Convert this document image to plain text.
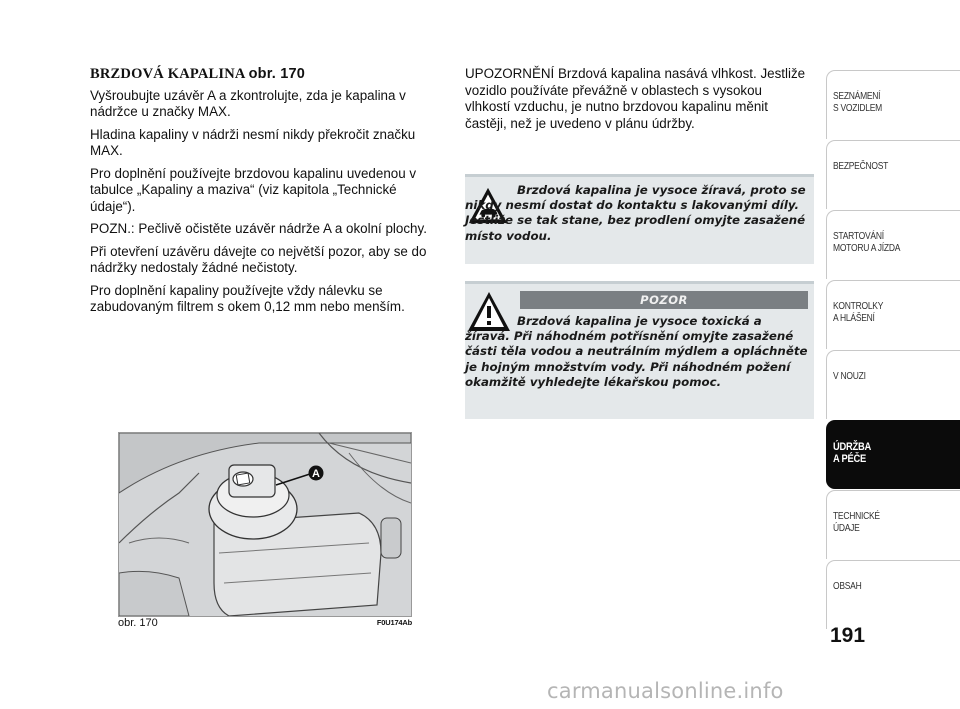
BRZDOVÁ KAPALINA obr. 170

Vyšroubujte uzávěr A a zkontrolujte, zda je kapalina v nádržce u značky MAX.

Hladina kapaliny v nádrži nesmí nikdy překročit značku MAX.

Pro doplnění používejte brzdovou kapalinu uvedenou v tabulce „Kapaliny a maziva“ (viz kapitola „Technické údaje“).

POZN.: Pečlivě očistěte uzávěr nádrže A a okolní plochy.

Při otevření uzávěru dávejte co největší pozor, aby se do nádržky nedostaly žádné nečistoty.

Pro doplnění kapaliny používejte vždy nálevku se zabudovaným filtrem s okem 0,12 mm nebo menším.

UPOZORNĚNÍ Brzdová kapalina nasává vlhkost. Jestliže vozidlo používáte převážně v oblastech s vysokou vlhkostí vzduchu, je nutno brzdovou kapalinu měnit častěji, než je uvedeno v plánu údržby.

Brzdová kapalina je vysoce žíravá, proto se nikdy nesmí dostat do kontaktu s lakovanými díly. Jestliže se tak stane, bez prodlení omyjte zasažené místo vodou.
POZOR
Brzdová kapalina je vysoce toxická a žíravá. Při náhodném potřísnění omyjte zasažené části těla vodou a neutrálním mýdlem a opláchněte je hojným množstvím vody. Při náhodném požení okamžitě vyhledejte lékařskou pomoc.
A
obr. 170	F0U174Ab
SEZNÁMENÍ
S VOZIDLEM
BEZPEČNOST
STARTOVÁNÍ
MOTORU A JÍZDA
KONTROLKY
A HLÁŠENÍ
V NOUZI
ÚDRŽBA
A PÉČE
TECHNICKÉ
ÚDAJE
OBSAH
191
carmanualsonline.info
